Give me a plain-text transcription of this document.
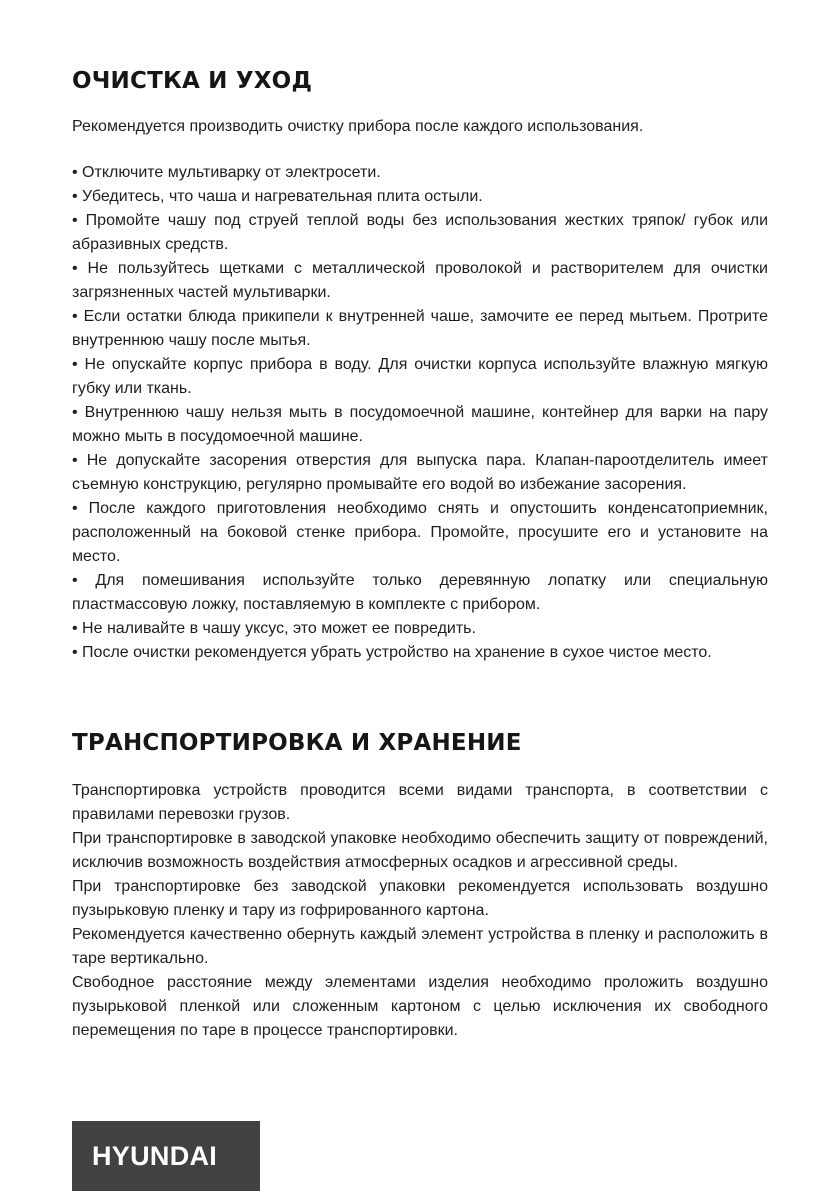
ОЧИСТКА И УХОД

Рекомендуется производить очистку прибора после каждого использования.

• Отключите мультиварку от электросети.
• Убедитесь, что чаша и нагревательная плита остыли.
• Промойте чашу под струей теплой воды без использования жестких тряпок/ губок или абразивных средств.
• Не пользуйтесь щетками с металлической проволокой и растворителем для очистки загрязненных частей мультиварки.
• Если остатки блюда прикипели к внутренней чаше, замочите ее перед мытьем. Протрите внутреннюю чашу после мытья.
• Не опускайте корпус прибора в воду. Для очистки корпуса используйте влажную мягкую губку или ткань.
• Внутреннюю чашу нельзя мыть в посудомоечной машине, контейнер для варки на пару можно мыть в посудомоечной машине.
• Не допускайте засорения отверстия для выпуска пара. Клапан-пароотделитель имеет съемную конструкцию, регулярно промывайте его водой во избежание засорения.
• После каждого приготовления необходимо снять и опустошить конденсатоприемник, расположенный на боковой стенке прибора. Промойте, просушите его и установите на место.
• Для помешивания используйте только деревянную лопатку или специальную пластмассовую ложку, поставляемую в комплекте с прибором.
• Не наливайте в чашу уксус, это может ее повредить.
• После очистки рекомендуется убрать устройство на хранение в сухое чистое место.
ТРАНСПОРТИРОВКА И ХРАНЕНИЕ
Транспортировка устройств проводится всеми видами транспорта, в соответствии с правилами перевозки грузов.
При транспортировке в заводской упаковке необходимо обеспечить защиту от повреждений, исключив возможность воздействия атмосферных осадков и агрессивной среды.
При транспортировке без заводской упаковки рекомендуется использовать воздушно пузырьковую пленку и тару из гофрированного картона.
Рекомендуется качественно обернуть каждый элемент устройства в пленку и расположить в таре вертикально.
Свободное расстояние между элементами изделия необходимо проложить воздушно пузырьковой пленкой или сложенным картоном с целью исключения их свободного перемещения по таре в процессе транспортировки.
HYUNDAI
